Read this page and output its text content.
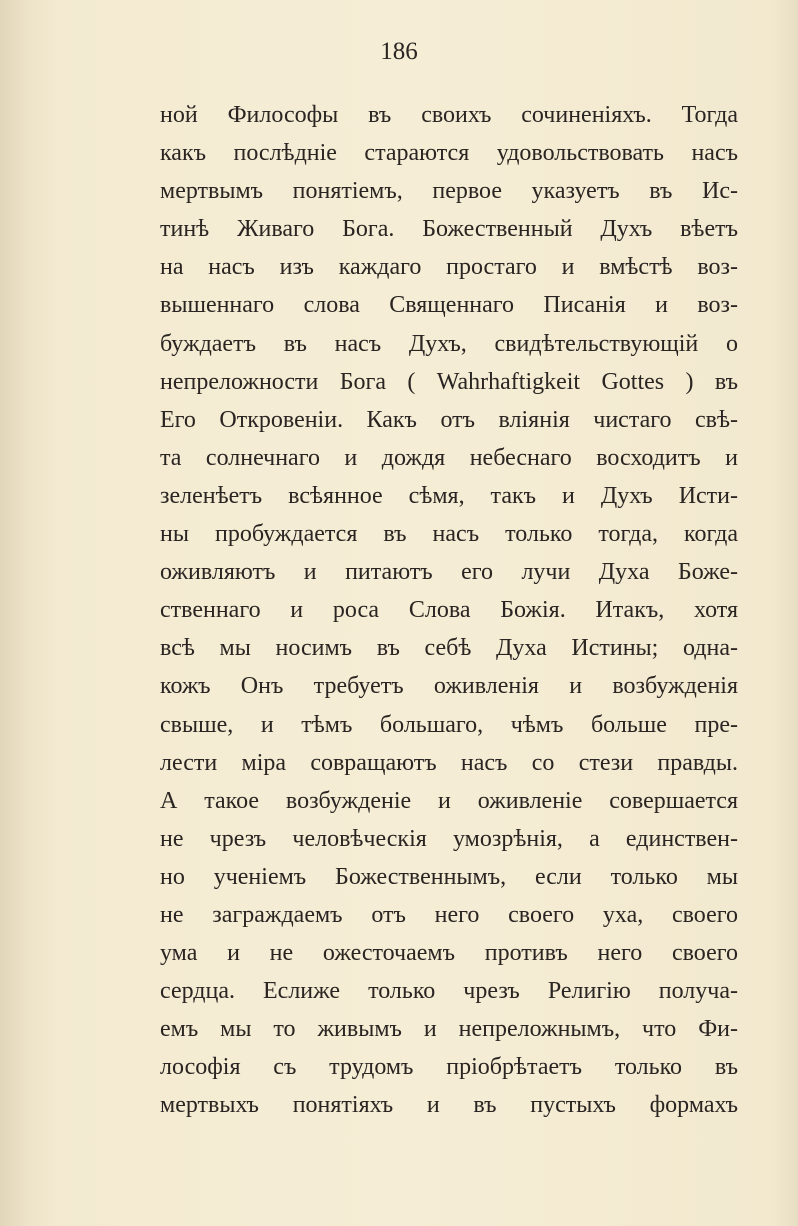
186
ной Философы въ своихъ сочиненіяхъ. Тогда
какъ послѣдніе стараются удовольствовать насъ
мертвымъ понятіемъ, первое указуетъ въ Ис-
тинѣ Живаго Бога. Божественный Духъ вѣетъ
на насъ изъ каждаго простаго и вмѣстѣ воз-
вышеннаго слова Священнаго Писанія и воз-
буждаетъ въ насъ Духъ, свидѣтельствующій о
непреложности Бога ( Wahrhaftigkeit Gottes ) въ
Его Откровеніи. Какъ отъ вліянія чистаго свѣ-
та солнечнаго и дождя небеснаго восходитъ и
зеленѣетъ всѣянное сѣмя, такъ и Духъ Исти-
ны пробуждается въ насъ только тогда, когда
оживляютъ и питаютъ его лучи Духа Боже-
ственнаго и роса Слова Божія. Итакъ, хотя
всѣ мы носимъ въ себѣ Духа Истины; одна-
кожъ Онъ требуетъ оживленія и возбужденія
свыше, и тѣмъ большаго, чѣмъ больше пре-
лести міра совращаютъ насъ со стези правды.
А такое возбужденіе и оживленіе совершается
не чрезъ человѣческія умозрѣнія, а единствен-
но ученіемъ Божественнымъ, если только мы
не заграждаемъ отъ него своего уха, своего
ума и не ожесточаемъ противъ него своего
сердца. Еслиже только чрезъ Религію получа-
емъ мы то живымъ и непреложнымъ, что Фи-
лософія съ трудомъ пріобрѣтаетъ только въ
мертвыхъ понятіяхъ и въ пустыхъ формахъ
